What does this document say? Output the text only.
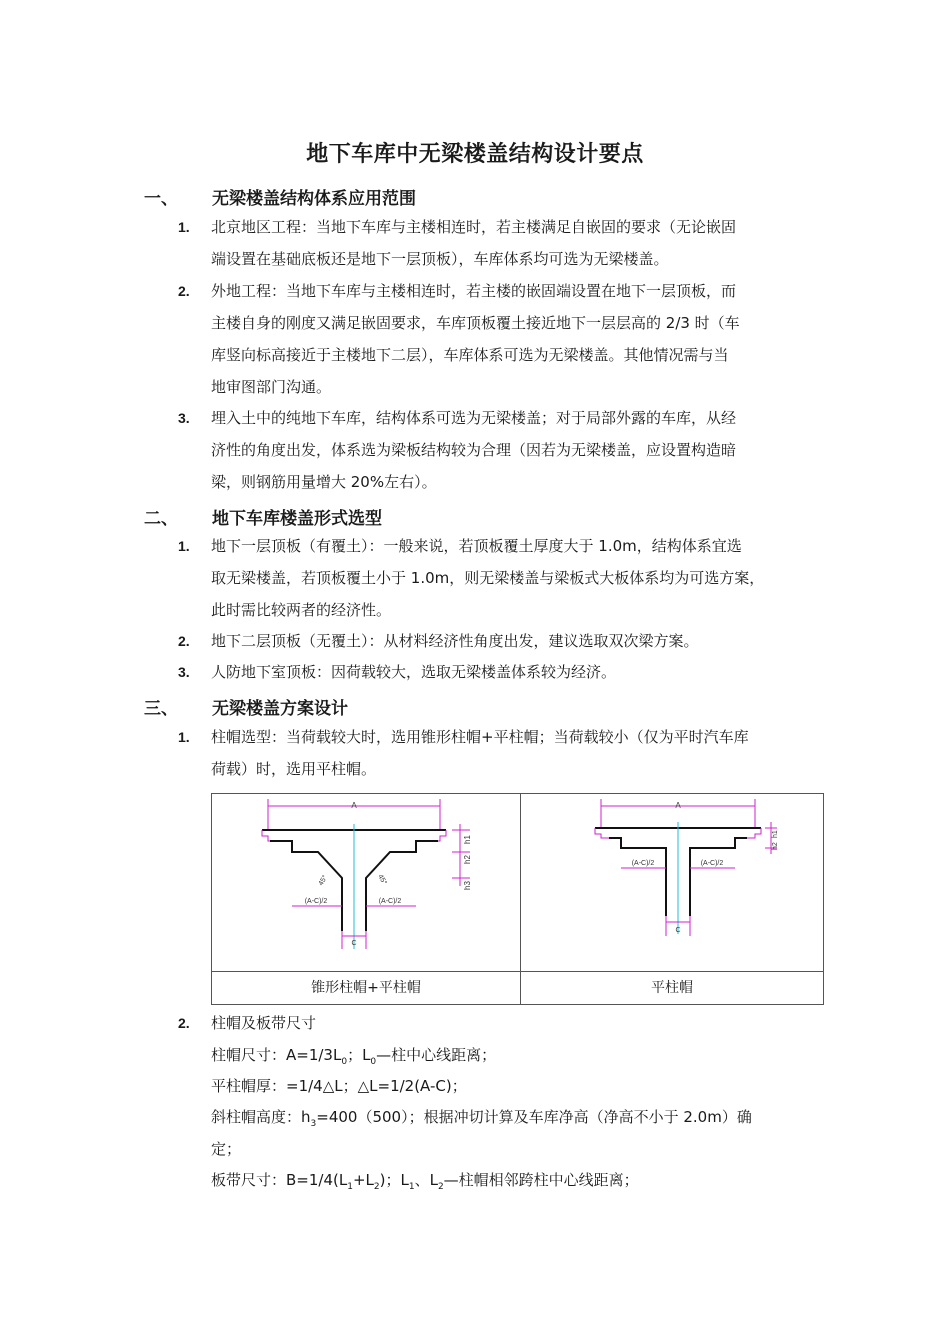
地下车库中无梁楼盖结构设计要点
一、 无梁楼盖结构体系应用范围
1. 北京地区工程：当地下车库与主楼相连时，若主楼满足自嵌固的要求（无论嵌固
端设置在基础底板还是地下一层顶板），车库体系均可选为无梁楼盖。
2. 外地工程：当地下车库与主楼相连时，若主楼的嵌固端设置在地下一层顶板，而
主楼自身的刚度又满足嵌固要求，车库顶板覆土接近地下一层层高的 2/3 时（车
库竖向标高接近于主楼地下二层），车库体系可选为无梁楼盖。其他情况需与当
地审图部门沟通。
3. 埋入土中的纯地下车库，结构体系可选为无梁楼盖；对于局部外露的车库，从经
济性的角度出发，体系选为梁板结构较为合理（因若为无梁楼盖，应设置构造暗
梁，则钢筋用量增大 20%左右）。
二、 地下车库楼盖形式选型
1. 地下一层顶板（有覆土）：一般来说，若顶板覆土厚度大于 1.0m，结构体系宜选
取无梁楼盖，若顶板覆土小于 1.0m，则无梁楼盖与梁板式大板体系均为可选方案，
此时需比较两者的经济性。
2. 地下二层顶板（无覆土）：从材料经济性角度出发，建议选取双次梁方案。
3. 人防地下室顶板：因荷载较大，选取无梁楼盖体系较为经济。
三、 无梁楼盖方案设计
1. 柱帽选型：当荷载较大时，选用锥形柱帽+平柱帽；当荷载较小（仅为平时汽车库
荷载）时，选用平柱帽。
A
h1
h2
h3
45°	45°
(A-C)/2	(A-C)/2
C
A
h1
h2
(A-C)/2	(A-C)/2
C
锥形柱帽+平柱帽	平柱帽
2. 柱帽及板带尺寸
柱帽尺寸：$A=1/3L_0$；$L_0—$柱中心线距离；
平柱帽厚：=1/4△L；△L=1/2(A-C)；
斜柱帽高度：$h_3=400(500)$；根据冲切计算及车库净高（净高不小于 2.0m）确
定；
板带尺寸：$B=1/4(L_1+L_2)$；$L_1$、$L_2—$柱帽相邻跨柱中心线距离；
